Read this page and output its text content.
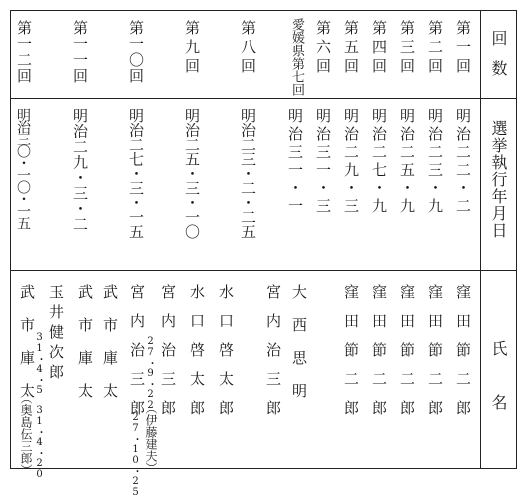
回数
選挙執行年月日
氏名
第一回
第二回
第三回
第四回
第五回
第六回
愛媛県第七回
第八回
第九回
第一〇回
第一一回
第一二回
明治二二・二
明治二三・九
明治二五・九
明治二七・九
明治二九・三
明治三一・三
明治三一・一
明治二三・二・二五
明治二五・三・一〇
明治二七・三・一五
明治二九・三・二
明治三〇・一〇・一五
窪田節二郎
窪田節二郎
窪田節二郎
窪田節二郎
窪田節二郎
大西思明
宮内治三郎
水口啓太郎
水口啓太郎
宮内治三郎
宮内治三郎
武市庫太
武市庫太
玉井健次郎
武市庫太	27・9・22
（伊藤建夫）
27・10・25
31・4・5
（奥島伝三郎） 31・4・20
